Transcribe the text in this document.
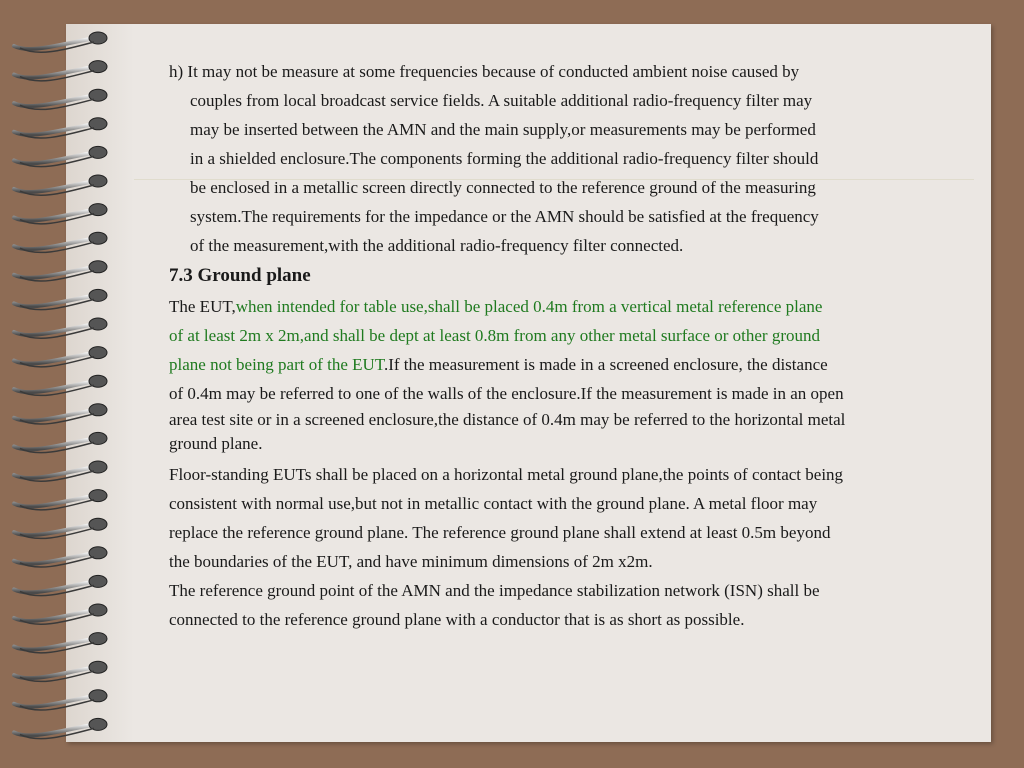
h) It may not be measure at some frequencies because of conducted ambient noise caused by
couples from local broadcast service fields. A suitable additional radio-frequency filter may
may be inserted between the AMN and the main supply,or measurements may be performed
in a shielded enclosure.The components forming the additional radio-frequency filter should
be enclosed in a metallic screen directly connected to the reference ground of the measuring
system.The requirements for the impedance or the AMN should be satisfied at the frequency
of the measurement,with the additional radio-frequency filter connected.

7.3 Ground plane

The EUT,when intended for table use,shall be placed 0.4m from a vertical metal reference plane
of at least 2m x 2m,and shall be dept at least 0.8m from any other metal surface or other ground
plane not being part of the EUT.If the measurement is made in a screened enclosure, the distance
of 0.4m may be referred to one of the walls of the enclosure.If the measurement is made in an open
area test site or in a screened enclosure,the distance of 0.4m may be referred to the horizontal metal
ground plane.

Floor-standing EUTs shall be placed on a horizontal metal ground plane,the points of contact being
consistent with normal use,but not in metallic contact with the ground plane. A metal floor may
replace the reference ground plane. The reference ground plane shall extend at least 0.5m beyond
the boundaries of the EUT, and have minimum dimensions of 2m x2m.

The reference ground point of the AMN and the impedance stabilization network (ISN) shall be
connected to the reference ground plane with a conductor that is as short as possible.
